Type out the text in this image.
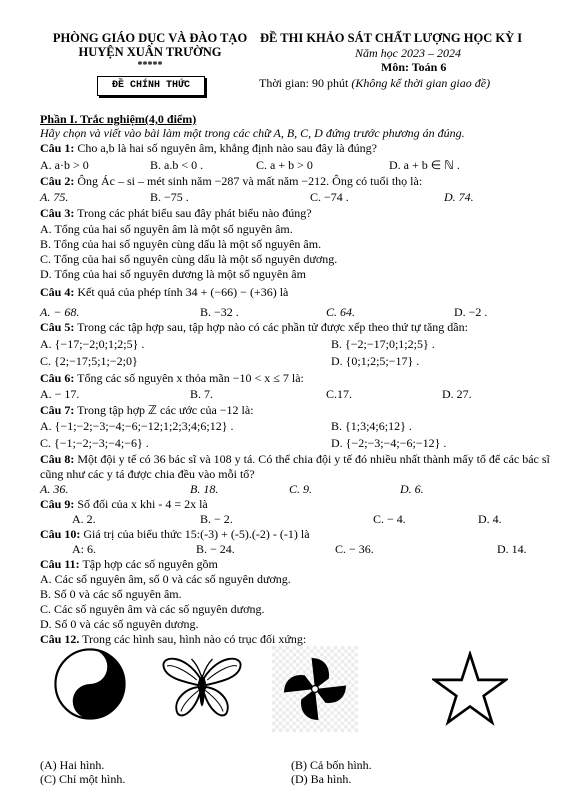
PHÒNG GIÁO DỤC VÀ ĐÀO TẠO
HUYỆN XUÂN TRƯỜNG
*****
ĐỀ CHÍNH THỨC
ĐỀ THI KHẢO SÁT CHẤT LƯỢNG HỌC KỲ I
Năm học 2023 – 2024
Môn: Toán 6
Thời gian: 90 phút (Không kể thời gian giao đề)
Phần I. Trắc nghiệm(4,0 điểm)
Hãy chọn và viết vào bài làm một trong các chữ A, B, C, D đứng trước phương án đúng.
Câu 1: Cho a,b là hai số nguyên âm, khẳng định nào sau đây là đúng?
A. a·b > 0	B. a.b < 0 .	C. a + b > 0	D. a + b ∈ ℕ .
Câu 2: Ông Ác – si – mét sinh năm −287 và mất năm −212. Ông có tuổi thọ là:
A. 75.	B. −75 .	C. −74 .	D. 74.
Câu 3: Trong các phát biểu sau đây phát biểu nào đúng?
A. Tổng của hai số nguyên âm là một số nguyên âm.
B. Tổng của hai số nguyên cùng dấu là một số nguyên âm.
C. Tổng của hai số nguyên cùng dấu là một số nguyên dương.
D. Tổng của hai số nguyên dương là một số nguyên âm
Câu 4: Kết quả của phép tính 34 + (−66) − (+36) là
A. − 68.	B. −32 .	C. 64.	D. −2 .
Câu 5: Trong các tập hợp sau, tập hợp nào có các phần tử được xếp theo thứ tự tăng dần:
A. {−17;−2;0;1;2;5} .	B. {−2;−17;0;1;2;5} .
C. {2;−17;5;1;−2;0}	D. {0;1;2;5;−17} .
Câu 6: Tổng các số nguyên x thỏa mãn −10 < x ≤ 7 là:
A. − 17.	B. 7.	C.17.	D. 27.
Câu 7: Trong tập hợp ℤ các ước của −12 là:
A. {−1;−2;−3;−4;−6;−12;1;2;3;4;6;12} .	B. {1;3;4;6;12} .
C. {−1;−2;−3;−4;−6} .	D. {−2;−3;−4;−6;−12} .
Câu 8: Một đội y tế có 36 bác sĩ và 108 y tá. Có thể chia đội y tế đó nhiều nhất thành mấy tổ để các bác sĩ cũng như các y tá được chia đều vào mỗi tổ?
A. 36.	B. 18.	C. 9.	D. 6.
Câu 9: Số đối của x khi - 4 = 2x là
A. 2.	B. − 2.	C. − 4.	D. 4.
Câu 10: Giá trị của biểu thức 15:(-3) + (-5).(-2) - (-1) là
A: 6.	B. − 24.	C. − 36.	D. 14.
Câu 11: Tập hợp các số nguyên gồm
A. Các số nguyên âm, số 0 và các số nguyên dương.
B. Số 0 và các số nguyên âm.
C. Các số nguyên âm và các số nguyên dương.
D. Số 0 và các số nguyên dương.
Câu 12. Trong các hình sau, hình nào có trục đối xứng:
(A) Hai hình.	(B) Cả bốn hình.
(C) Chỉ một hình.	(D) Ba hình.
